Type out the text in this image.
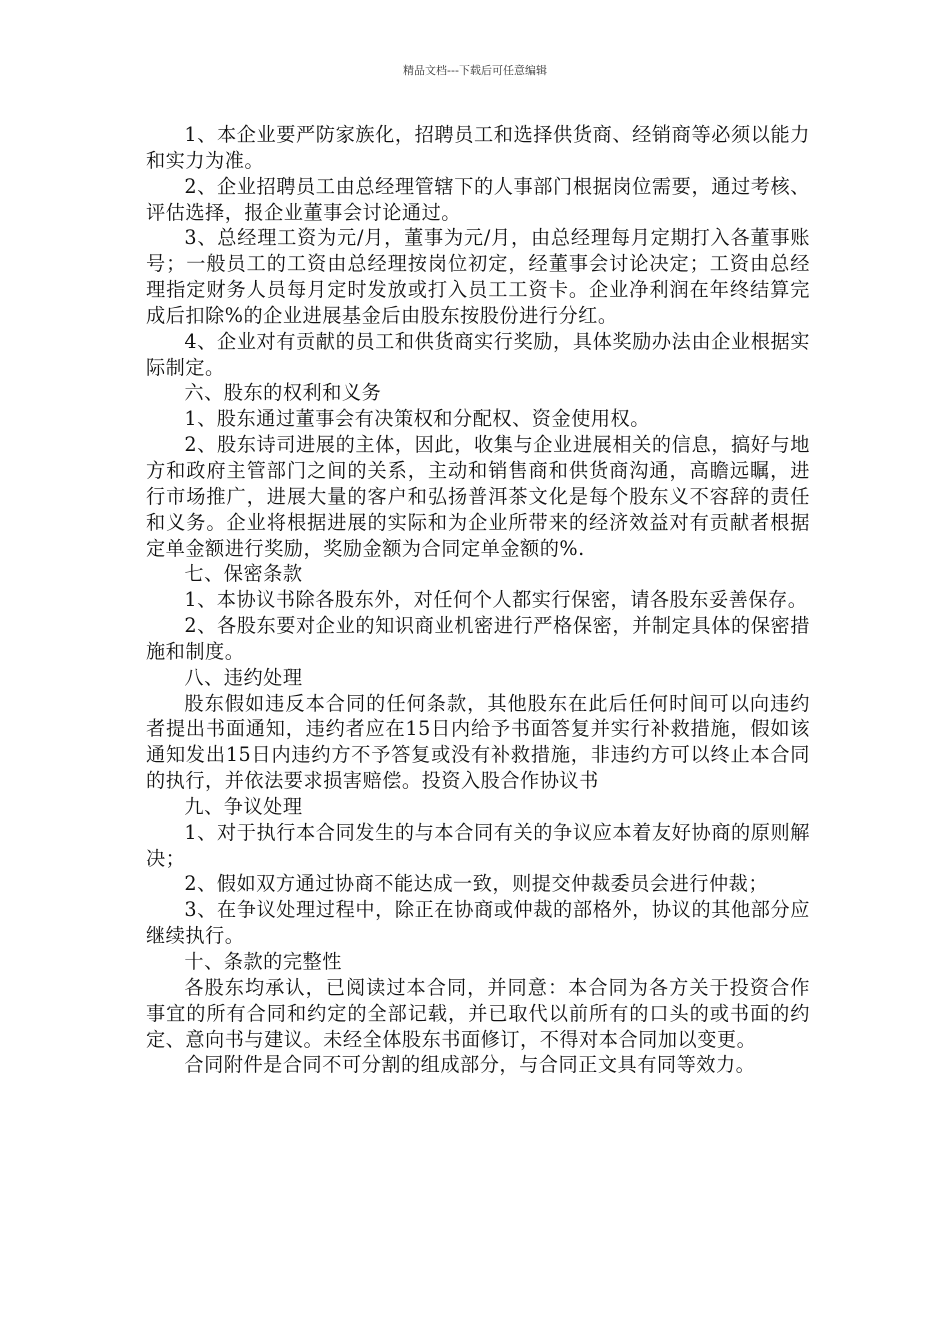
精品文档---下载后可任意编辑

1、本企业要严防家族化，招聘员工和选择供货商、经销商等必须以能力和实力为准。

2、企业招聘员工由总经理管辖下的人事部门根据岗位需要，通过考核、评估选择，报企业董事会讨论通过。

3、总经理工资为元/月，董事为元/月，由总经理每月定期打入各董事账号；一般员工的工资由总经理按岗位初定，经董事会讨论决定；工资由总经理指定财务人员每月定时发放或打入员工工资卡。企业净利润在年终结算完成后扣除%的企业进展基金后由股东按股份进行分红。

4、企业对有贡献的员工和供货商实行奖励，具体奖励办法由企业根据实际制定。

六、股东的权利和义务

1、股东通过董事会有决策权和分配权、资金使用权。

2、股东诗司进展的主体，因此，收集与企业进展相关的信息，搞好与地方和政府主管部门之间的关系，主动和销售商和供货商沟通，高瞻远瞩，进行市场推广，进展大量的客户和弘扬普洱茶文化是每个股东义不容辞的责任和义务。企业将根据进展的实际和为企业所带来的经济效益对有贡献者根据定单金额进行奖励，奖励金额为合同定单金额的%.

七、保密条款

1、本协议书除各股东外，对任何个人都实行保密，请各股东妥善保存。

2、各股东要对企业的知识商业机密进行严格保密，并制定具体的保密措施和制度。

八、违约处理

股东假如违反本合同的任何条款，其他股东在此后任何时间可以向违约者提出书面通知，违约者应在15日内给予书面答复并实行补救措施，假如该通知发出15日内违约方不予答复或没有补救措施，非违约方可以终止本合同的执行，并依法要求损害赔偿。投资入股合作协议书

九、争议处理

1、对于执行本合同发生的与本合同有关的争议应本着友好协商的原则解决；

2、假如双方通过协商不能达成一致，则提交仲裁委员会进行仲裁；

3、在争议处理过程中，除正在协商或仲裁的部格外，协议的其他部分应继续执行。

十、条款的完整性

各股东均承认，已阅读过本合同，并同意：本合同为各方关于投资合作事宜的所有合同和约定的全部记载，并已取代以前所有的口头的或书面的约定、意向书与建议。未经全体股东书面修订，不得对本合同加以变更。

合同附件是合同不可分割的组成部分，与合同正文具有同等效力。
